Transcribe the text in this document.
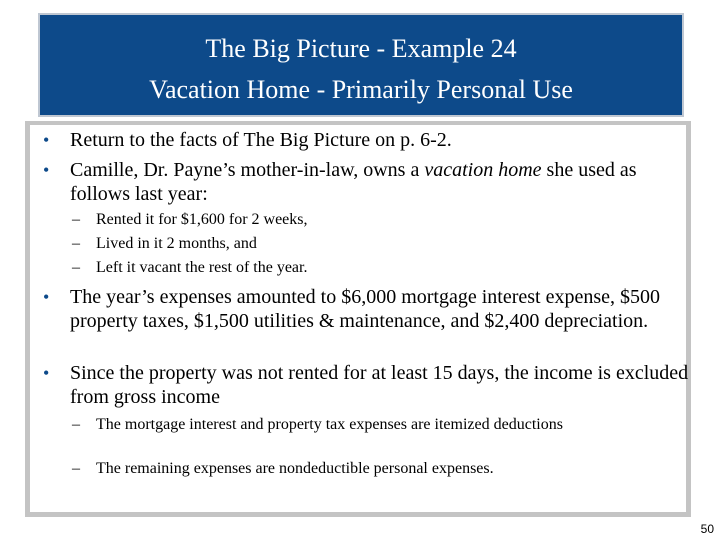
The Big Picture - Example 24
Vacation Home - Primarily Personal Use
• Return to the facts of The Big Picture on p. 6-2.
• Camille, Dr. Payne’s mother-in-law, owns a vacation home she used as follows last year:
– Rented it for $1,600 for 2 weeks,
– Lived in it 2 months, and
– Left it vacant the rest of the year.
• The year’s expenses amounted to $6,000 mortgage interest expense, $500 property taxes, $1,500 utilities & maintenance, and $2,400 depreciation.
• Since the property was not rented for at least 15 days, the income is excluded from gross income
– The mortgage interest and property tax expenses are itemized deductions
– The remaining expenses are nondeductible personal expenses.
50
